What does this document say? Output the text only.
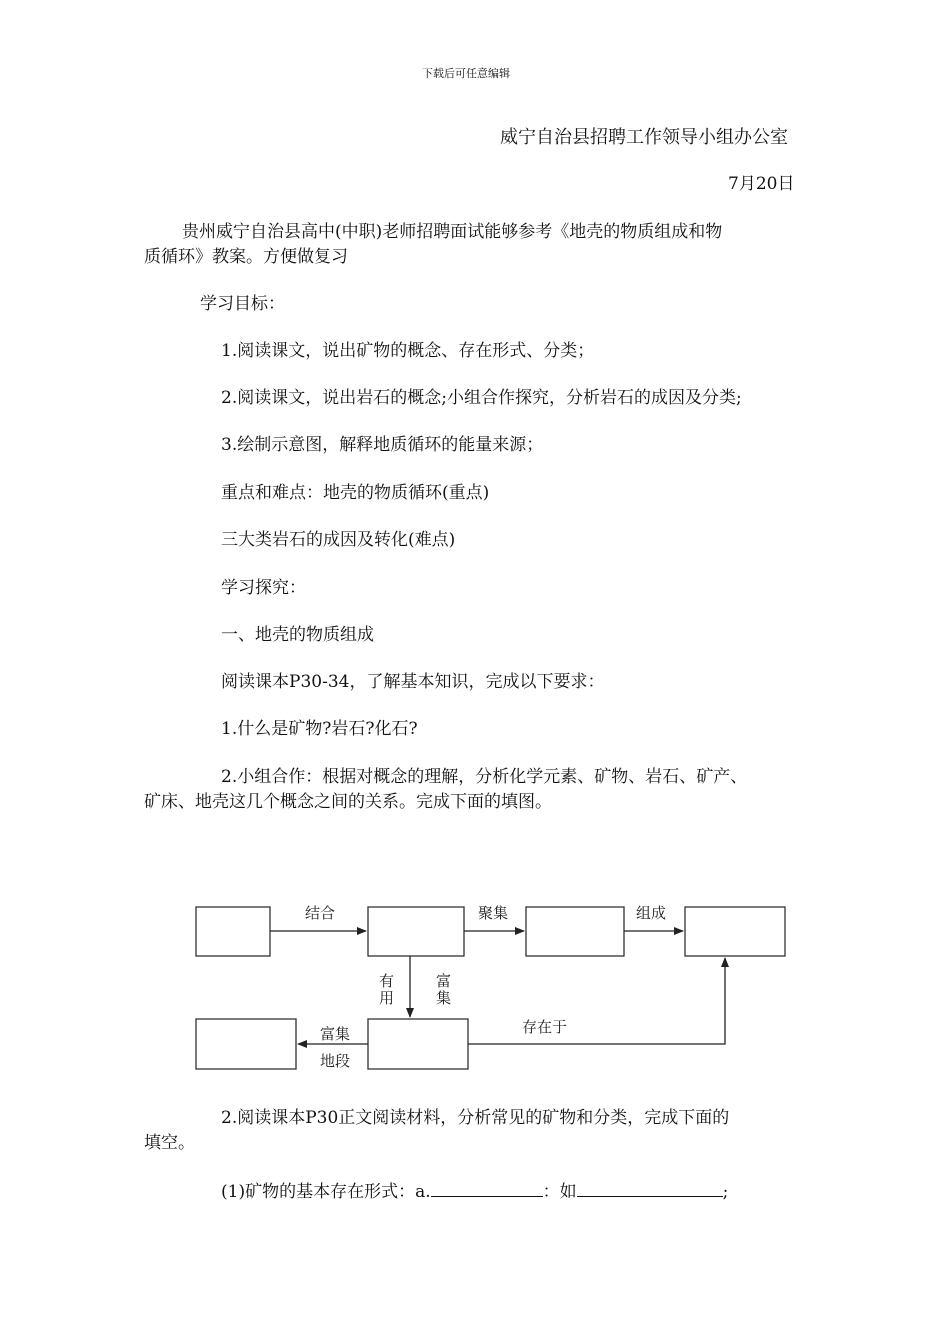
下载后可任意编辑
威宁自治县招聘工作领导小组办公室
7月20日
贵州威宁自治县高中(中职)老师招聘面试能够参考《地壳的物质组成和物
质循环》教案。方便做复习
学习目标：
1.阅读课文，说出矿物的概念、存在形式、分类；
2.阅读课文，说出岩石的概念;小组合作探究，分析岩石的成因及分类;
3.绘制示意图，解释地质循环的能量来源；
重点和难点：地壳的物质循环(重点)
三大类岩石的成因及转化(难点)
学习探究：
一、地壳的物质组成
阅读课本P30-34，了解基本知识，完成以下要求：
1.什么是矿物?岩石?化石?
2.小组合作：根据对概念的理解，分析化学元素、矿物、岩石、矿产、
矿床、地壳这几个概念之间的关系。完成下面的填图。
结合	聚集	组成
有
用
富
集
存在于
富集
地段
2.阅读课本P30正文阅读材料，分析常见的矿物和分类，完成下面的
填空。
(1)矿物的基本存在形式：a.	：如	;
